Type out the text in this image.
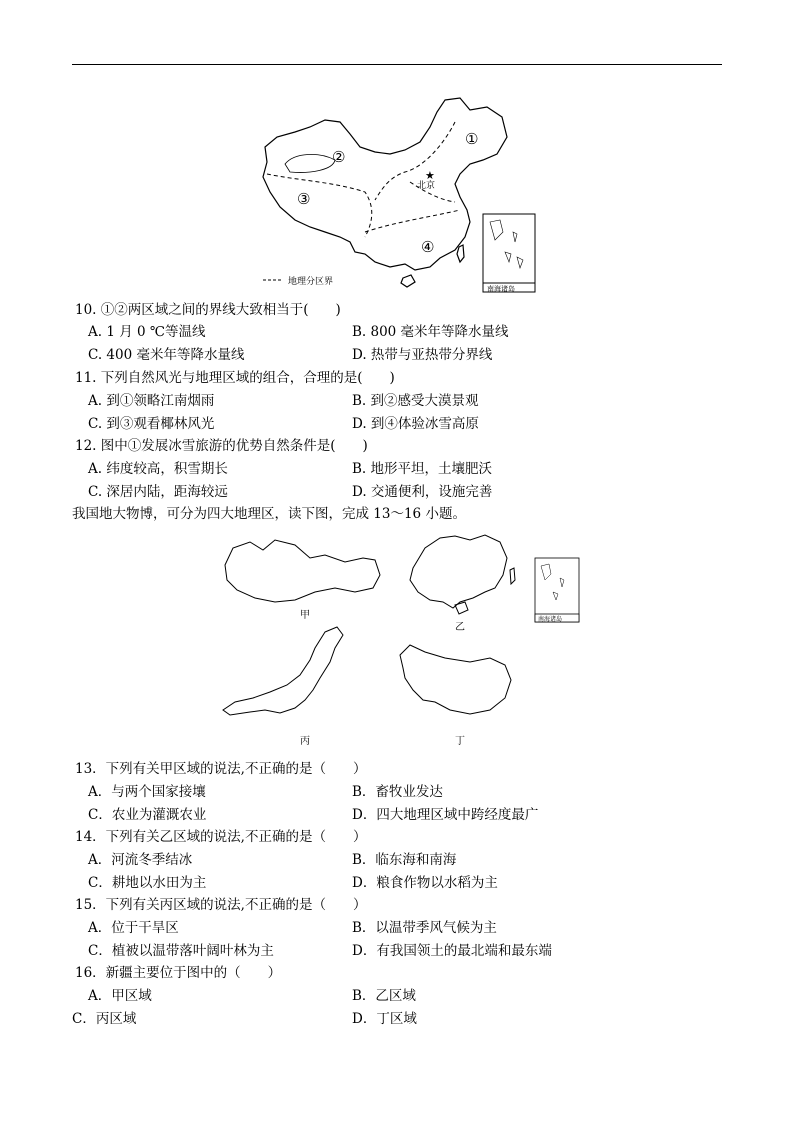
①
②
③
④
★
北京
地理分区界
南海诸岛
10. ①②两区域之间的界线大致相当于(　　)
A. 1 月 0 ℃等温线	B. 800 毫米年等降水量线
C. 400 毫米年等降水量线	D. 热带与亚热带分界线
11. 下列自然风光与地理区域的组合，合理的是(　　)
A. 到①领略江南烟雨	B. 到②感受大漠景观
C. 到③观看椰林风光	D. 到④体验冰雪高原
12. 图中①发展冰雪旅游的优势自然条件是(　　)
A. 纬度较高，积雪期长	B. 地形平坦，土壤肥沃
C. 深居内陆，距海较远	D. 交通便利，设施完善
我国地大物博，可分为四大地理区，读下图，完成 13～16 小题。
南海诸岛
甲
乙
丙	丁
13．下列有关甲区域的说法,不正确的是（　　）
A．与两个国家接壤	B．畜牧业发达
C．农业为灌溉农业	D．四大地理区域中跨经度最广
14．下列有关乙区域的说法,不正确的是（　　）
A．河流冬季结冰	B．临东海和南海
C．耕地以水田为主	D．粮食作物以水稻为主
15．下列有关丙区域的说法,不正确的是（　　）
A．位于干旱区	B．以温带季风气候为主
C．植被以温带落叶阔叶林为主	D．有我国领土的最北端和最东端
16．新疆主要位于图中的（　　）
A．甲区域	B．乙区域
C．丙区域	D．丁区域
